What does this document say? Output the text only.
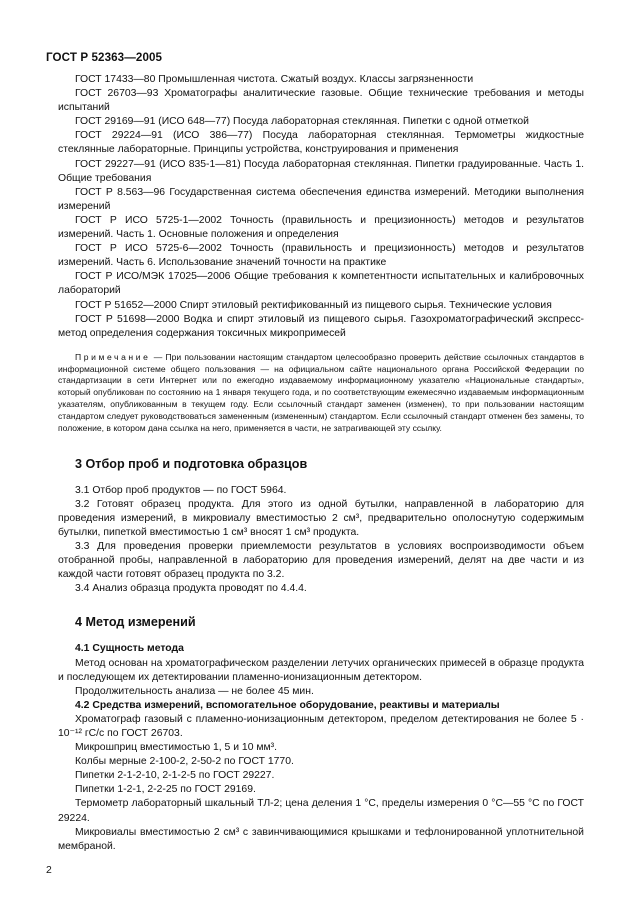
ГОСТ Р 52363—2005

ГОСТ 17433—80 Промышленная чистота. Сжатый воздух. Классы загрязненности

ГОСТ 26703—93 Хроматографы аналитические газовые. Общие технические требования и методы испытаний

ГОСТ 29169—91 (ИСО 648—77) Посуда лабораторная стеклянная. Пипетки с одной отметкой

ГОСТ 29224—91 (ИСО 386—77) Посуда лабораторная стеклянная. Термометры жидкостные стеклянные лабораторные. Принципы устройства, конструирования и применения

ГОСТ 29227—91 (ИСО 835-1—81) Посуда лабораторная стеклянная. Пипетки градуированные. Часть 1. Общие требования

ГОСТ Р 8.563—96 Государственная система обеспечения единства измерений. Методики выполнения измерений

ГОСТ Р ИСО 5725-1—2002 Точность (правильность и прецизионность) методов и результатов измерений. Часть 1. Основные положения и определения

ГОСТ Р ИСО 5725-6—2002 Точность (правильность и прецизионность) методов и результатов измерений. Часть 6. Использование значений точности на практике

ГОСТ Р ИСО/МЭК 17025—2006 Общие требования к компетентности испытательных и калибровочных лабораторий

ГОСТ Р 51652—2000 Спирт этиловый ректификованный из пищевого сырья. Технические условия

ГОСТ Р 51698—2000 Водка и спирт этиловый из пищевого сырья. Газохроматографический экспресс-метод определения содержания токсичных микропримесей

Примечание — При пользовании настоящим стандартом целесообразно проверить действие ссылочных стандартов в информационной системе общего пользования — на официальном сайте национального органа Российской Федерации по стандартизации в сети Интернет или по ежегодно издаваемому информационному указателю «Национальные стандарты», который опубликован по состоянию на 1 января текущего года, и по соответствующим ежемесячно издаваемым информационным указателям, опубликованным в текущем году. Если ссылочный стандарт заменен (изменен), то при пользовании настоящим стандартом следует руководствоваться замененным (измененным) стандартом. Если ссылочный стандарт отменен без замены, то положение, в котором дана ссылка на него, применяется в части, не затрагивающей эту ссылку.

3 Отбор проб и подготовка образцов

3.1 Отбор проб продуктов — по ГОСТ 5964.

3.2 Готовят образец продукта. Для этого из одной бутылки, направленной в лабораторию для проведения измерений, в микровиалу вместимостью 2 см³, предварительно ополоснутую содержимым бутылки, пипеткой вместимостью 1 см³ вносят 1 см³ продукта.

3.3 Для проведения проверки приемлемости результатов в условиях воспроизводимости объем отобранной пробы, направленной в лабораторию для проведения измерений, делят на две части и из каждой части готовят образец продукта по 3.2.

3.4 Анализ образца продукта проводят по 4.4.4.

4 Метод измерений

4.1 Сущность метода

Метод основан на хроматографическом разделении летучих органических примесей в образце продукта и последующем их детектировании пламенно-ионизационным детектором.

Продолжительность анализа — не более 45 мин.

4.2 Средства измерений, вспомогательное оборудование, реактивы и материалы

Хроматограф газовый с пламенно-ионизационным детектором, пределом детектирования не более 5 · 10⁻¹² гС/с по ГОСТ 26703.

Микрошприц вместимостью 1, 5 и 10 мм³.

Колбы мерные 2-100-2, 2-50-2 по ГОСТ 1770.

Пипетки 2-1-2-10, 2-1-2-5 по ГОСТ 29227.

Пипетки 1-2-1, 2-2-25 по ГОСТ 29169.

Термометр лабораторный шкальный ТЛ-2; цена деления 1 °С, пределы измерения 0 °С—55 °С по ГОСТ 29224.

Микровиалы вместимостью 2 см³ с завинчивающимися крышками и тефлонированной уплотнительной мембраной.

2
